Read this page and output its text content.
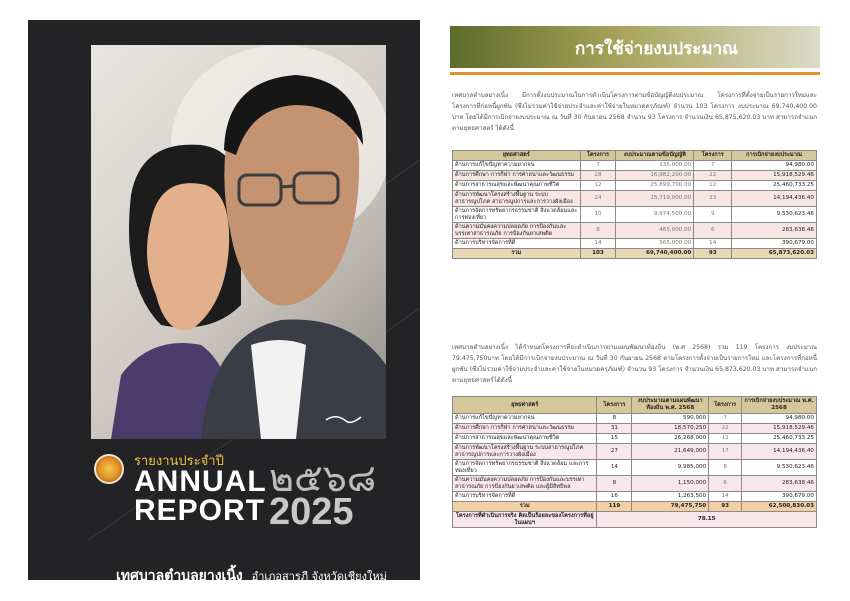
รายงานประจำปี
ANNUAL
REPORT
๒๕๖๘
2025
เทศบาลตำบลยางเนิ้ง อำเภอสารภี จังหวัดเชียงใหม่
การใช้จ่ายงบประมาณ

เทศบาลตำบลยางเนิ้ง มีการตั้งงบประมาณในการดำเนินโครงการตามข้อบัญญัติงบประมาณ โครงการที่ตั้งจ่ายเป็นรายการใหม่และโครงการที่ก่อหนี้ผูกพัน (ซึ่งไม่รวมค่าใช้จ่ายประจำและค่าใช้จ่ายในหมวดครุภัณฑ์) จำนวน 103 โครงการ งบประมาณ 69,740,400.00 บาท โดยได้มีการเบิกจ่ายงบประมาณ ณ วันที่ 30 กันยายน 2568 จำนวน 93 โครงการ จำนวนเงิน 65,875,620.03 บาท สามารถจำแนกตามยุทธศาสตร์ ได้ดังนี้

ยุทธศาสตร์	โครงการ	งบประมาณตามข้อบัญญัติ	โครงการ	การเบิกจ่ายงบประมาณ
ด้านการแก้ไขปัญหาความยากจน	7	135,000.00	7	94,980.00
ด้านการศึกษา การกีฬา การศาสนาและวัฒนธรรม	28	16,982,200.00	22	15,918,529.46
ด้านการสาธารณสุขและพัฒนาคุณภาพชีวิต	12	25,899,700.00	12	25,460,733.25
ด้านการพัฒนาโครงสร้างพื้นฐาน ระบบสาธารณูปโภค สาธารณูปการและการวางผังเมือง	24	15,719,000.00	23	14,194,436.40
ด้านการจัดการทรัพยากรธรรมชาติ สิ่งแวดล้อมและการท่องเที่ยว	10	9,974,500.00	9	9,530,623.46
ด้านความมั่นคงความปลอดภัย การป้องกันและบรรเทาสาธารณภัย การป้องกันยาเสพติด	8	465,000.00	6	283,638.46
ด้านการบริหารจัดการที่ดี	14	565,000.00	14	390,679.00
รวม	103	69,740,400.00	93	65,873,620.03

เทศบาลตำบลยางเนิ้ง ได้กำหนดโครงการที่จะดำเนินการตามแผนพัฒนาท้องถิ่น (พ.ศ 2568) รวม 119 โครงการ งบประมาณ 79,475,750บาท โดยได้มีการเบิกจ่ายงบประมาณ ณ วันที่ 30 กันยายน 2568 ตามโครงการตั้งจ่ายเป็นรายการใหม่ และโครงการที่ก่อหนี้ผูกพัน (ซึ่งไม่รวมค่าใช้จ่ายประจำและค่าใช้จ่ายในหมวดครุภัณฑ์) จำนวน 93 โครงการ จำนวนเงิน 65,873,620.03 บาท สามารถจำแนกตามยุทธศาสตร์ได้ดังนี้

ยุทธศาสตร์	โครงการ	งบประมาณตามแผนพัฒนาท้องถิ่น พ.ศ. 2568	โครงการ	การเบิกจ่ายงบประมาณ พ.ศ. 2568
ด้านการแก้ไขปัญหาความยากจน	8	590,000	7	94,980.00
ด้านการศึกษา การกีฬา การศาสนาและวัฒนธรรม	31	18,570,250	22	15,918,529.46
ด้านการสาธารณสุขและพัฒนาคุณภาพชีวิต	15	26,268,000	12	25,460,733.25
ด้านการพัฒนาโครงสร้างพื้นฐาน ระบบสาธารณูปโภค สาธารณูปการและการวางผังเมือง	27	21,649,000	17	14,194,436.40
ด้านการจัดการทรัพยากรธรรมชาติ สิ่งแวดล้อม และการท่องเที่ยว	14	9,985,000	8	9,530,623.46
ด้านความมั่นคงความปลอดภัย การป้องกันและบรรเทาสาธารณภัย การป้องกันยาเสพติด และผู้มีสิทธิพล	8	1,150,000	6	283,638.46
ด้านการบริหารจัดการที่ดี	16	1,263,500	14	390,679.00
รวม	119	79,475,750	93	62,500,830.03
โครงการที่ดำเนินการจริง คิดเป็นร้อยละของโครงการที่อยู่ในแผนฯ	78.15			
